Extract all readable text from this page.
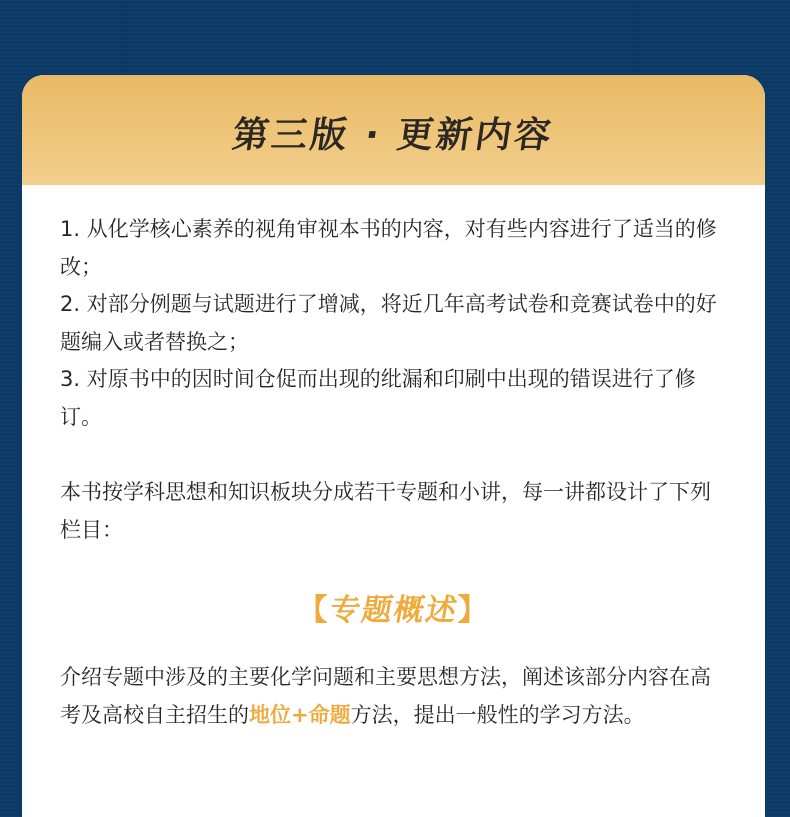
第三版 · 更新内容

1. 从化学核心素养的视角审视本书的内容，对有些内容进行了适当的修改；

2. 对部分例题与试题进行了增减，将近几年高考试卷和竞赛试卷中的好题编入或者替换之；

3. 对原书中的因时间仓促而出现的纰漏和印刷中出现的错误进行了修订。

本书按学科思想和知识板块分成若干专题和小讲，每一讲都设计了下列栏目：

【专题概述】

介绍专题中涉及的主要化学问题和主要思想方法，阐述该部分内容在高考及高校自主招生的地位+命题方法，提出一般性的学习方法。
